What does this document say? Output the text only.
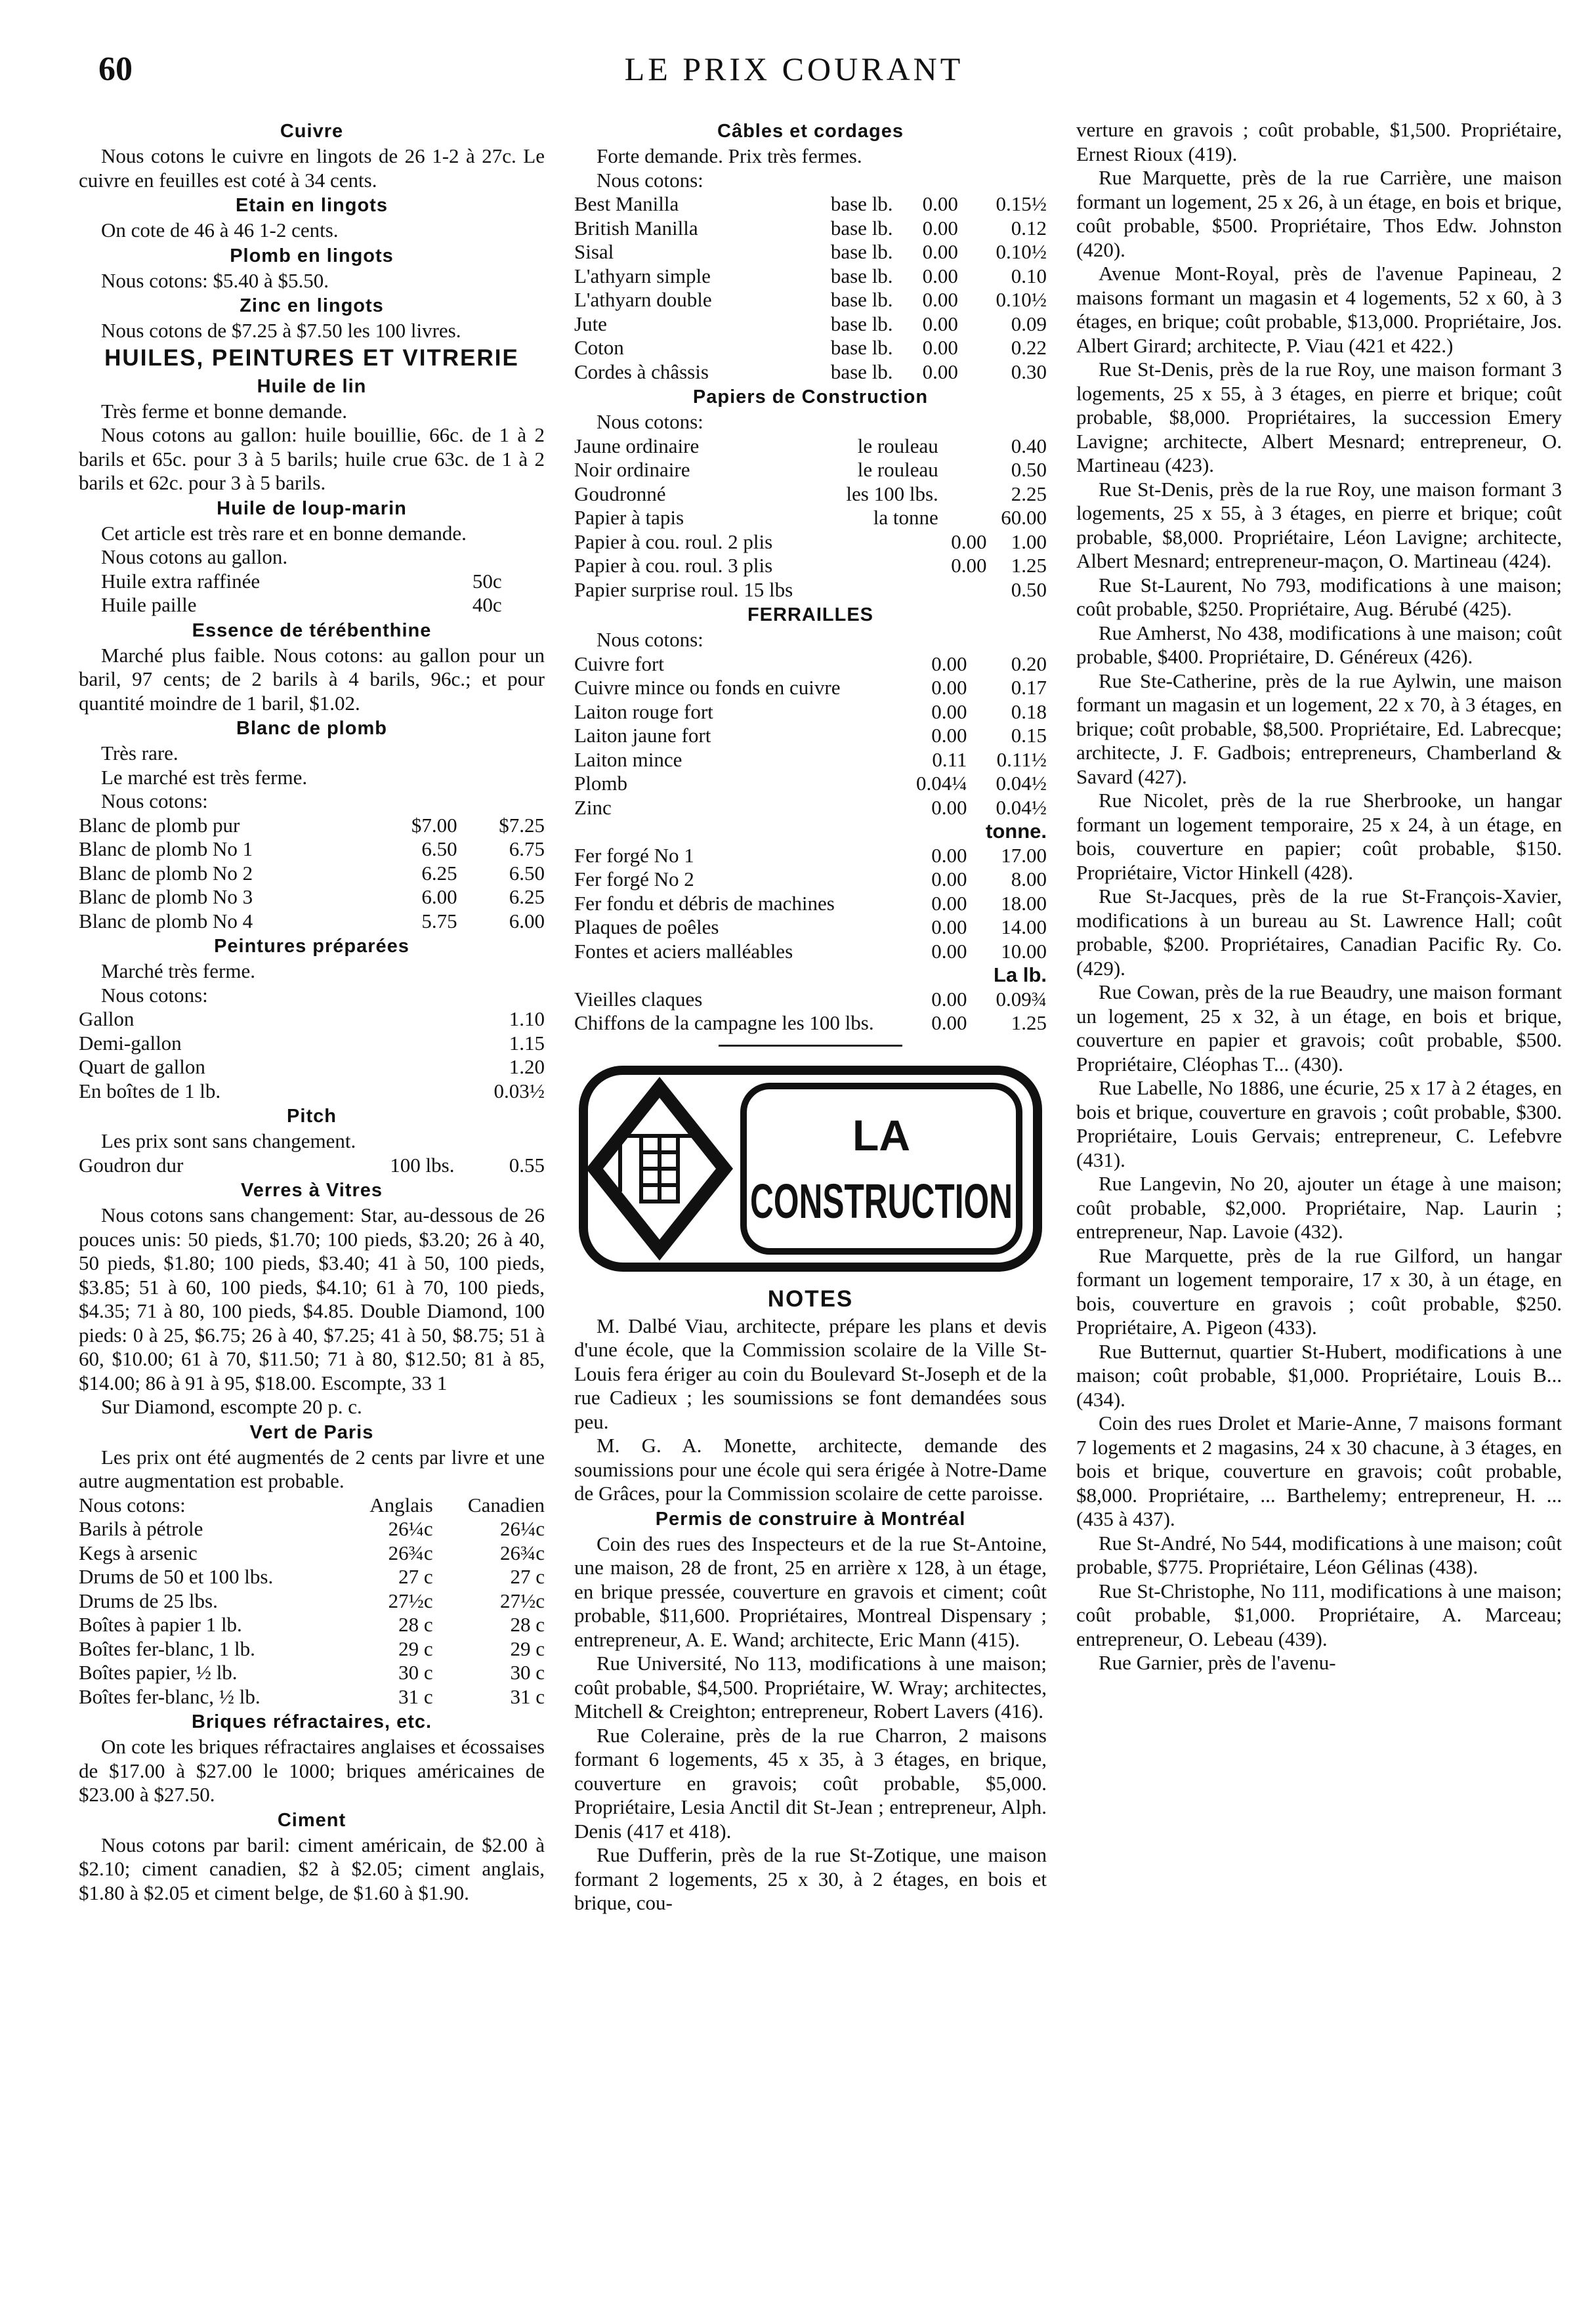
60	LE PRIX COURANT
Cuivre

Nous cotons le cuivre en lingots de 26 1-2 à 27c. Le cuivre en feuilles est coté à 34 cents.

Etain en lingots

On cote de 46 à 46 1-2 cents.

Plomb en lingots

Nous cotons: $5.40 à $5.50.

Zinc en lingots

Nous cotons de $7.25 à $7.50 les 100 livres.

HUILES, PEINTURES ET VITRERIE
Huile de lin

Très ferme et bonne demande.

Nous cotons au gallon: huile bouillie, 66c. de 1 à 2 barils et 65c. pour 3 à 5 barils; huile crue 63c. de 1 à 2 barils et 62c. pour 3 à 5 barils.

Huile de loup-marin

Cet article est très rare et en bonne demande.

Nous cotons au gallon.

Huile extra raffinée	50c
Huile paille	40c
Essence de térébenthine

Marché plus faible. Nous cotons: au gallon pour un baril, 97 cents; de 2 barils à 4 barils, 96c.; et pour quantité moindre de 1 baril, $1.02.

Blanc de plomb

Très rare.

Le marché est très ferme.

Nous cotons:

Blanc de plomb pur	$7.00	$7.25
Blanc de plomb No 1	6.50	6.75
Blanc de plomb No 2	6.25	6.50
Blanc de plomb No 3	6.00	6.25
Blanc de plomb No 4	5.75	6.00
Peintures préparées

Marché très ferme.

Nous cotons:

Gallon	1.10
Demi-gallon	1.15
Quart de gallon	1.20
En boîtes de 1 lb.	0.03½
Pitch

Les prix sont sans changement.

Goudron dur	100 lbs.	0.55
Verres à Vitres

Nous cotons sans changement: Star, au-dessous de 26 pouces unis: 50 pieds, $1.70; 100 pieds, $3.20; 26 à 40, 50 pieds, $1.80; 100 pieds, $3.40; 41 à 50, 100 pieds, $3.85; 51 à 60, 100 pieds, $4.10; 61 à 70, 100 pieds, $4.35; 71 à 80, 100 pieds, $4.85. Double Diamond, 100 pieds: 0 à 25, $6.75; 26 à 40, $7.25; 41 à 50, $8.75; 51 à 60, $10.00; 61 à 70, $11.50; 71 à 80, $12.50; 81 à 85, $14.00; 86 à 91 à 95, $18.00. Escompte, 33 1

Sur Diamond, escompte 20 p. c.

Vert de Paris

Les prix ont été augmentés de 2 cents par livre et une autre augmentation est probable.

Nous cotons:	Anglais	Canadien
Barils à pétrole	26¼c	26¼c
Kegs à arsenic	26¾c	26¾c
Drums de 50 et 100 lbs.	27 c	27 c
Drums de 25 lbs.	27½c	27½c
Boîtes à papier 1 lb.	28 c	28 c
Boîtes fer-blanc, 1 lb.	29 c	29 c
Boîtes papier, ½ lb.	30 c	30 c
Boîtes fer-blanc, ½ lb.	31 c	31 c
Briques réfractaires, etc.

On cote les briques réfractaires anglaises et écossaises de $17.00 à $27.00 le 1000; briques américaines de $23.00 à $27.50.

Ciment

Nous cotons par baril: ciment américain, de $2.00 à $2.10; ciment canadien, $2 à $2.05; ciment anglais, $1.80 à $2.05 et ciment belge, de $1.60 à $1.90.

Câbles et cordages

Forte demande. Prix très fermes.

Nous cotons:

Best Manilla	base lb.	0.00	0.15½
British Manilla	base lb.	0.00	0.12
Sisal	base lb.	0.00	0.10½
L'athyarn simple	base lb.	0.00	0.10
L'athyarn double	base lb.	0.00	0.10½
Jute	base lb.	0.00	0.09
Coton	base lb.	0.00	0.22
Cordes à châssis	base lb.	0.00	0.30
Papiers de Construction

Nous cotons:

Jaune ordinaire	le rouleau		0.40
Noir ordinaire	le rouleau		0.50
Goudronné	les 100 lbs.		2.25
Papier à tapis	la tonne		60.00
Papier à cou. roul. 2 plis		0.00	1.00
Papier à cou. roul. 3 plis		0.00	1.25
Papier surprise roul. 15 lbs			0.50
FERRAILLES

Nous cotons:

Cuivre fort	0.00	0.20
Cuivre mince ou fonds en cuivre	0.00	0.17
Laiton rouge fort	0.00	0.18
Laiton jaune fort	0.00	0.15
Laiton mince	0.11	0.11½
Plomb	0.04¼	0.04½
Zinc	0.00	0.04½
		tonne.
Fer forgé No 1	0.00	17.00
Fer forgé No 2	0.00	8.00
Fer fondu et débris de machines	0.00	18.00
Plaques de poêles	0.00	14.00
Fontes et aciers malléables	0.00	10.00
		La lb.
Vieilles claques	0.00	0.09¾
Chiffons de la campagne les 100 lbs.	0.00	1.25
LA
CONSTRUCTION
NOTES

M. Dalbé Viau, architecte, prépare les plans et devis d'une école, que la Commission scolaire de la Ville St-Louis fera ériger au coin du Boulevard St-Joseph et de la rue Cadieux ; les soumissions se font demandées sous peu.

M. G. A. Monette, architecte, demande des soumissions pour une école qui sera érigée à Notre-Dame de Grâces, pour la Commission scolaire de cette paroisse.

Permis de construire à Montréal

Coin des rues des Inspecteurs et de la rue St-Antoine, une maison, 28 de front, 25 en arrière x 128, à un étage, en brique pressée, couverture en gravois et ciment; coût probable, $11,600. Propriétaires, Montreal Dispensary ; entrepreneur, A. E. Wand; architecte, Eric Mann (415).

Rue Université, No 113, modifications à une maison; coût probable, $4,500. Propriétaire, W. Wray; architectes, Mitchell & Creighton; entrepreneur, Robert Lavers (416).

Rue Coleraine, près de la rue Charron, 2 maisons formant 6 logements, 45 x 35, à 3 étages, en brique, couverture en gravois; coût probable, $5,000. Propriétaire, Lesia Anctil dit St-Jean ; entrepreneur, Alph. Denis (417 et 418).

Rue Dufferin, près de la rue St-Zotique, une maison formant 2 logements, 25 x 30, à 2 étages, en bois et brique, cou-

verture en gravois ; coût probable, $1,500. Propriétaire, Ernest Rioux (419).

Rue Marquette, près de la rue Carrière, une maison formant un logement, 25 x 26, à un étage, en bois et brique, coût probable, $500. Propriétaire, Thos Edw. Johnston (420).

Avenue Mont-Royal, près de l'avenue Papineau, 2 maisons formant un magasin et 4 logements, 52 x 60, à 3 étages, en brique; coût probable, $13,000. Propriétaire, Jos. Albert Girard; architecte, P. Viau (421 et 422.)

Rue St-Denis, près de la rue Roy, une maison formant 3 logements, 25 x 55, à 3 étages, en pierre et brique; coût probable, $8,000. Propriétaires, la succession Emery Lavigne; architecte, Albert Mesnard; entrepreneur, O. Martineau (423).

Rue St-Denis, près de la rue Roy, une maison formant 3 logements, 25 x 55, à 3 étages, en pierre et brique; coût probable, $8,000. Propriétaire, Léon Lavigne; architecte, Albert Mesnard; entrepreneur-maçon, O. Martineau (424).

Rue St-Laurent, No 793, modifications à une maison; coût probable, $250. Propriétaire, Aug. Bérubé (425).

Rue Amherst, No 438, modifications à une maison; coût probable, $400. Propriétaire, D. Généreux (426).

Rue Ste-Catherine, près de la rue Aylwin, une maison formant un magasin et un logement, 22 x 70, à 3 étages, en brique; coût probable, $8,500. Propriétaire, Ed. Labrecque; architecte, J. F. Gadbois; entrepreneurs, Chamberland & Savard (427).

Rue Nicolet, près de la rue Sherbrooke, un hangar formant un logement temporaire, 25 x 24, à un étage, en bois, couverture en papier; coût probable, $150. Propriétaire, Victor Hinkell (428).

Rue St-Jacques, près de la rue St-François-Xavier, modifications à un bureau au St. Lawrence Hall; coût probable, $200. Propriétaires, Canadian Pacific Ry. Co. (429).

Rue Cowan, près de la rue Beaudry, une maison formant un logement, 25 x 32, à un étage, en bois et brique, couverture en papier et gravois; coût probable, $500. Propriétaire, Cléophas T... (430).

Rue Labelle, No 1886, une écurie, 25 x 17 à 2 étages, en bois et brique, couverture en gravois ; coût probable, $300. Propriétaire, Louis Gervais; entrepreneur, C. Lefebvre (431).

Rue Langevin, No 20, ajouter un étage à une maison; coût probable, $2,000. Propriétaire, Nap. Laurin ; entrepreneur, Nap. Lavoie (432).

Rue Marquette, près de la rue Gilford, un hangar formant un logement temporaire, 17 x 30, à un étage, en bois, couverture en gravois ; coût probable, $250. Propriétaire, A. Pigeon (433).

Rue Butternut, quartier St-Hubert, modifications à une maison; coût probable, $1,000. Propriétaire, Louis B... (434).

Coin des rues Drolet et Marie-Anne, 7 maisons formant 7 logements et 2 magasins, 24 x 30 chacune, à 3 étages, en bois et brique, couverture en gravois; coût probable, $8,000. Propriétaire, ... Barthelemy; entrepreneur, H. ... (435 à 437).

Rue St-André, No 544, modifications à une maison; coût probable, $775. Propriétaire, Léon Gélinas (438).

Rue St-Christophe, No 111, modifications à une maison; coût probable, $1,000. Propriétaire, A. Marceau; entrepreneur, O. Lebeau (439).

Rue Garnier, près de l'avenu-
